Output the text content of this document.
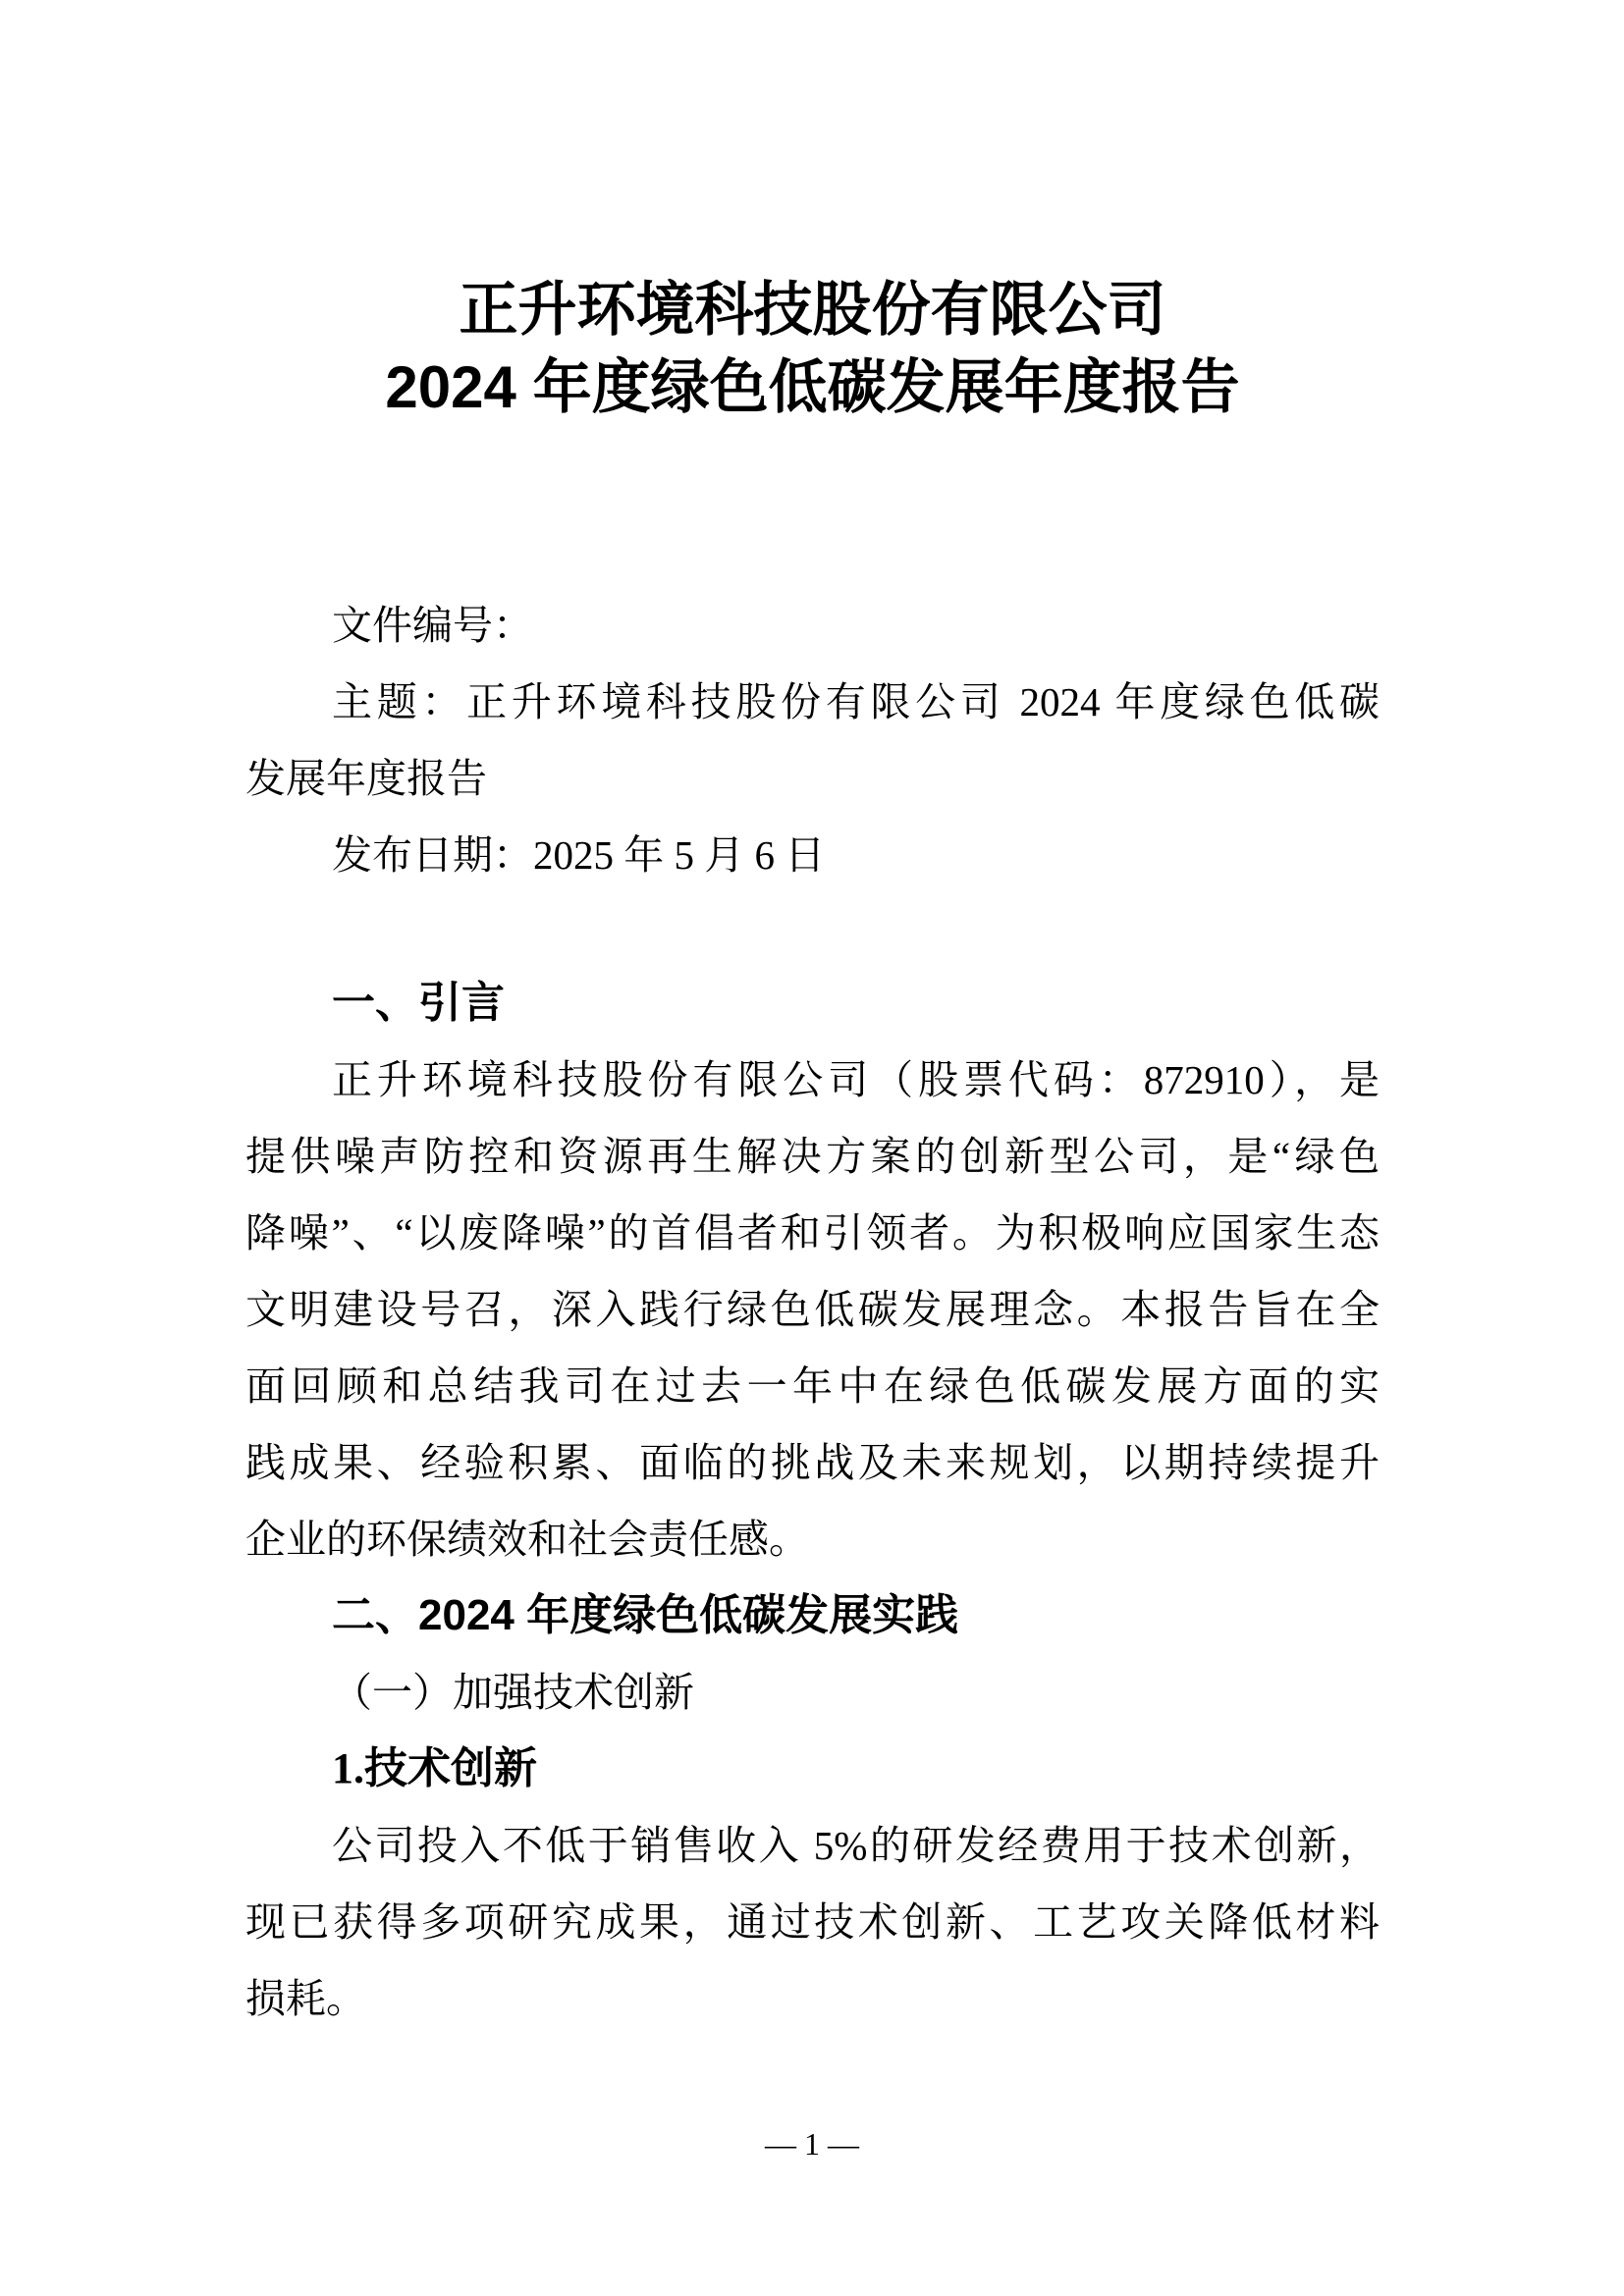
正升环境科技股份有限公司
2024 年度绿色低碳发展年度报告
文件编号：
主题：正升环境科技股份有限公司 2024 年度绿色低碳
发展年度报告
发布日期：2025 年 5 月 6 日
一、引言
正升环境科技股份有限公司（股票代码：872910），是
提供噪声防控和资源再生解决方案的创新型公司，是“绿色
降噪”、“以废降噪”的首倡者和引领者。为积极响应国家生态
文明建设号召，深入践行绿色低碳发展理念。本报告旨在全
面回顾和总结我司在过去一年中在绿色低碳发展方面的实
践成果、经验积累、面临的挑战及未来规划，以期持续提升
企业的环保绩效和社会责任感。
二、2024 年度绿色低碳发展实践
（一）加强技术创新
1.技术创新
公司投入不低于销售收入 5%的研发经费用于技术创新，
现已获得多项研究成果，通过技术创新、工艺攻关降低材料
损耗。
— 1 —
